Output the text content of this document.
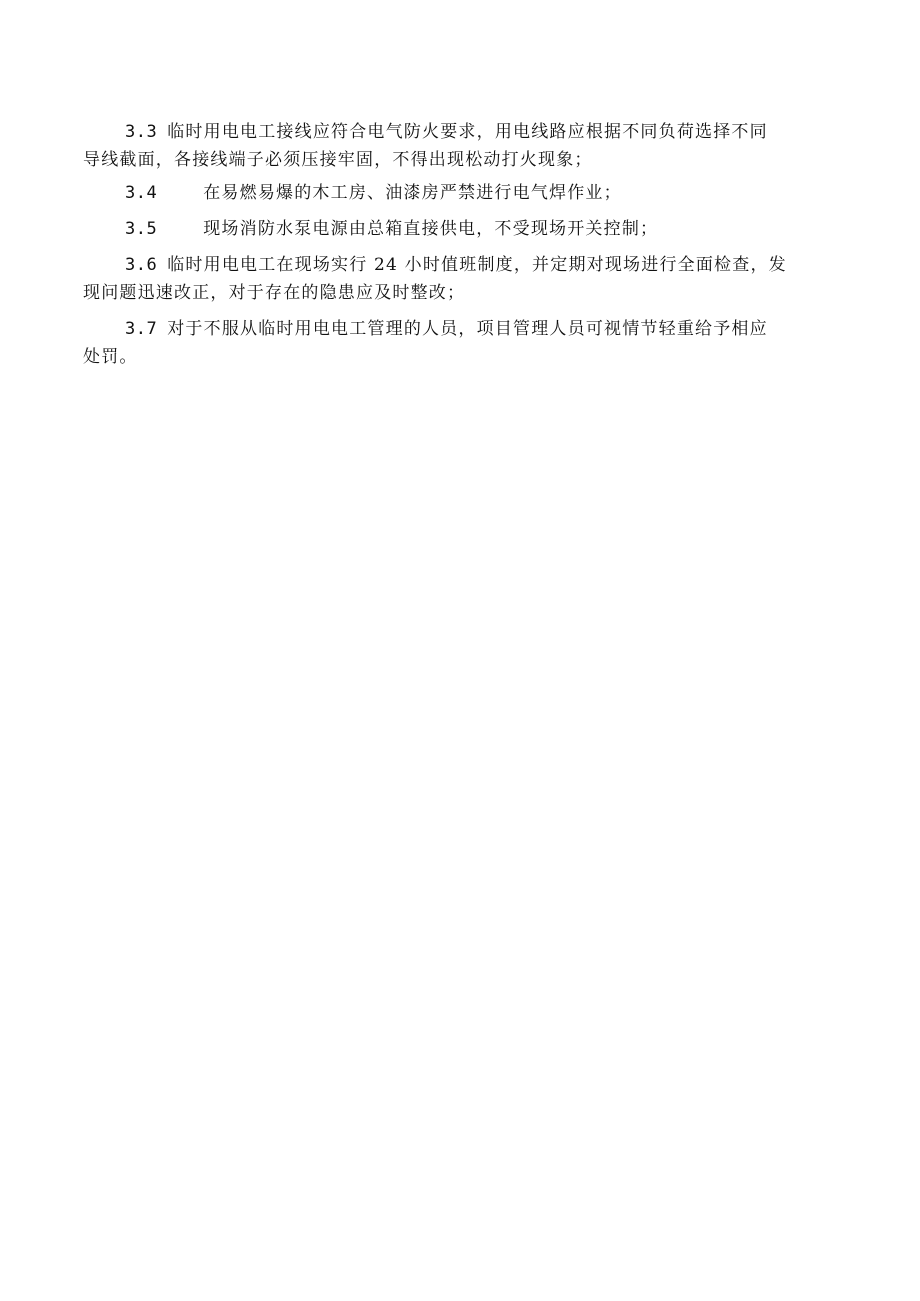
3.3 临时用电电工接线应符合电气防火要求，用电线路应根据不同负荷选择不同
导线截面，各接线端子必须压接牢固，不得出现松动打火现象；
3.4	在易燃易爆的木工房、油漆房严禁进行电气焊作业；
3.5	现场消防水泵电源由总箱直接供电，不受现场开关控制；
3.6 临时用电电工在现场实行 24 小时值班制度，并定期对现场进行全面检查，发
现问题迅速改正，对于存在的隐患应及时整改；
3.7 对于不服从临时用电电工管理的人员，项目管理人员可视情节轻重给予相应
处罚。
